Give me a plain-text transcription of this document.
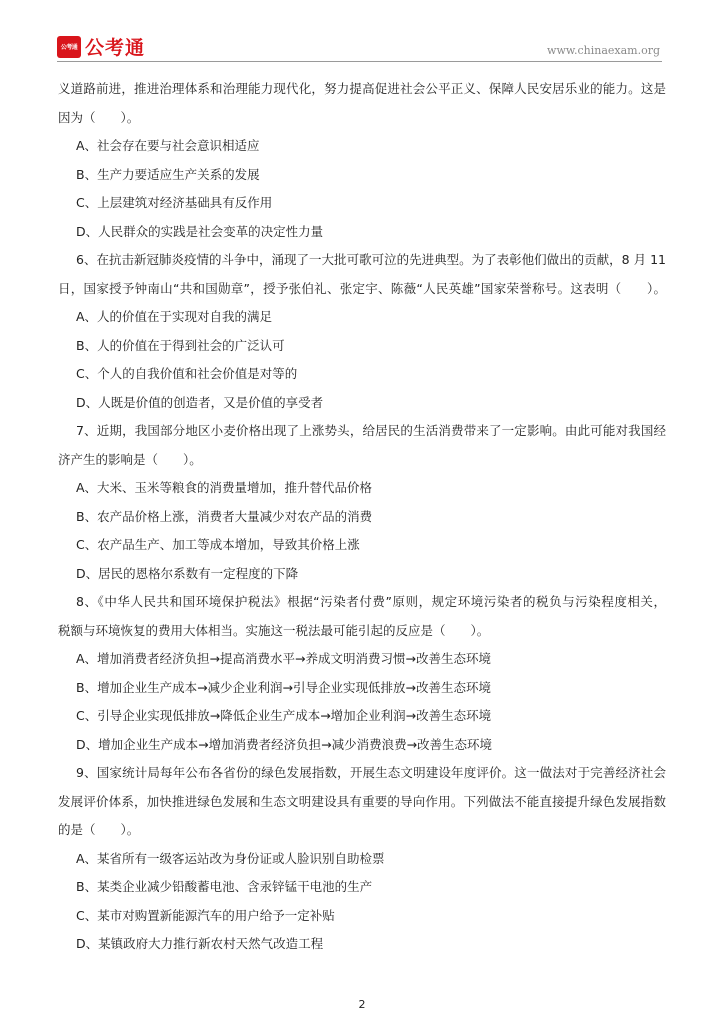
公考通 公考通	www.chinaexam.org

义道路前进，推进治理体系和治理能力现代化，努力提高促进社会公平正义、保障人民安居乐业的能力。这是

因为（　　）。

A、社会存在要与社会意识相适应

B、生产力要适应生产关系的发展

C、上层建筑对经济基础具有反作用

D、人民群众的实践是社会变革的决定性力量

6、在抗击新冠肺炎疫情的斗争中，涌现了一大批可歌可泣的先进典型。为了表彰他们做出的贡献，8 月 11

日，国家授予钟南山“共和国勋章”，授予张伯礼、张定宇、陈薇“人民英雄”国家荣誉称号。这表明（　　）。

A、人的价值在于实现对自我的满足

B、人的价值在于得到社会的广泛认可

C、个人的自我价值和社会价值是对等的

D、人既是价值的创造者，又是价值的享受者

7、近期，我国部分地区小麦价格出现了上涨势头，给居民的生活消费带来了一定影响。由此可能对我国经

济产生的影响是（　　）。

A、大米、玉米等粮食的消费量增加，推升替代品价格

B、农产品价格上涨，消费者大量减少对农产品的消费

C、农产品生产、加工等成本增加，导致其价格上涨

D、居民的恩格尔系数有一定程度的下降

8、《中华人民共和国环境保护税法》根据“污染者付费”原则，规定环境污染者的税负与污染程度相关，

税额与环境恢复的费用大体相当。实施这一税法最可能引起的反应是（　　）。

A、增加消费者经济负担→提高消费水平→养成文明消费习惯→改善生态环境

B、增加企业生产成本→减少企业利润→引导企业实现低排放→改善生态环境

C、引导企业实现低排放→降低企业生产成本→增加企业利润→改善生态环境

D、增加企业生产成本→增加消费者经济负担→减少消费浪费→改善生态环境

9、国家统计局每年公布各省份的绿色发展指数，开展生态文明建设年度评价。这一做法对于完善经济社会

发展评价体系，加快推进绿色发展和生态文明建设具有重要的导向作用。下列做法不能直接提升绿色发展指数

的是（　　）。

A、某省所有一级客运站改为身份证或人脸识别自助检票

B、某类企业减少铅酸蓄电池、含汞锌锰干电池的生产

C、某市对购置新能源汽车的用户给予一定补贴

D、某镇政府大力推行新农村天然气改造工程

2
